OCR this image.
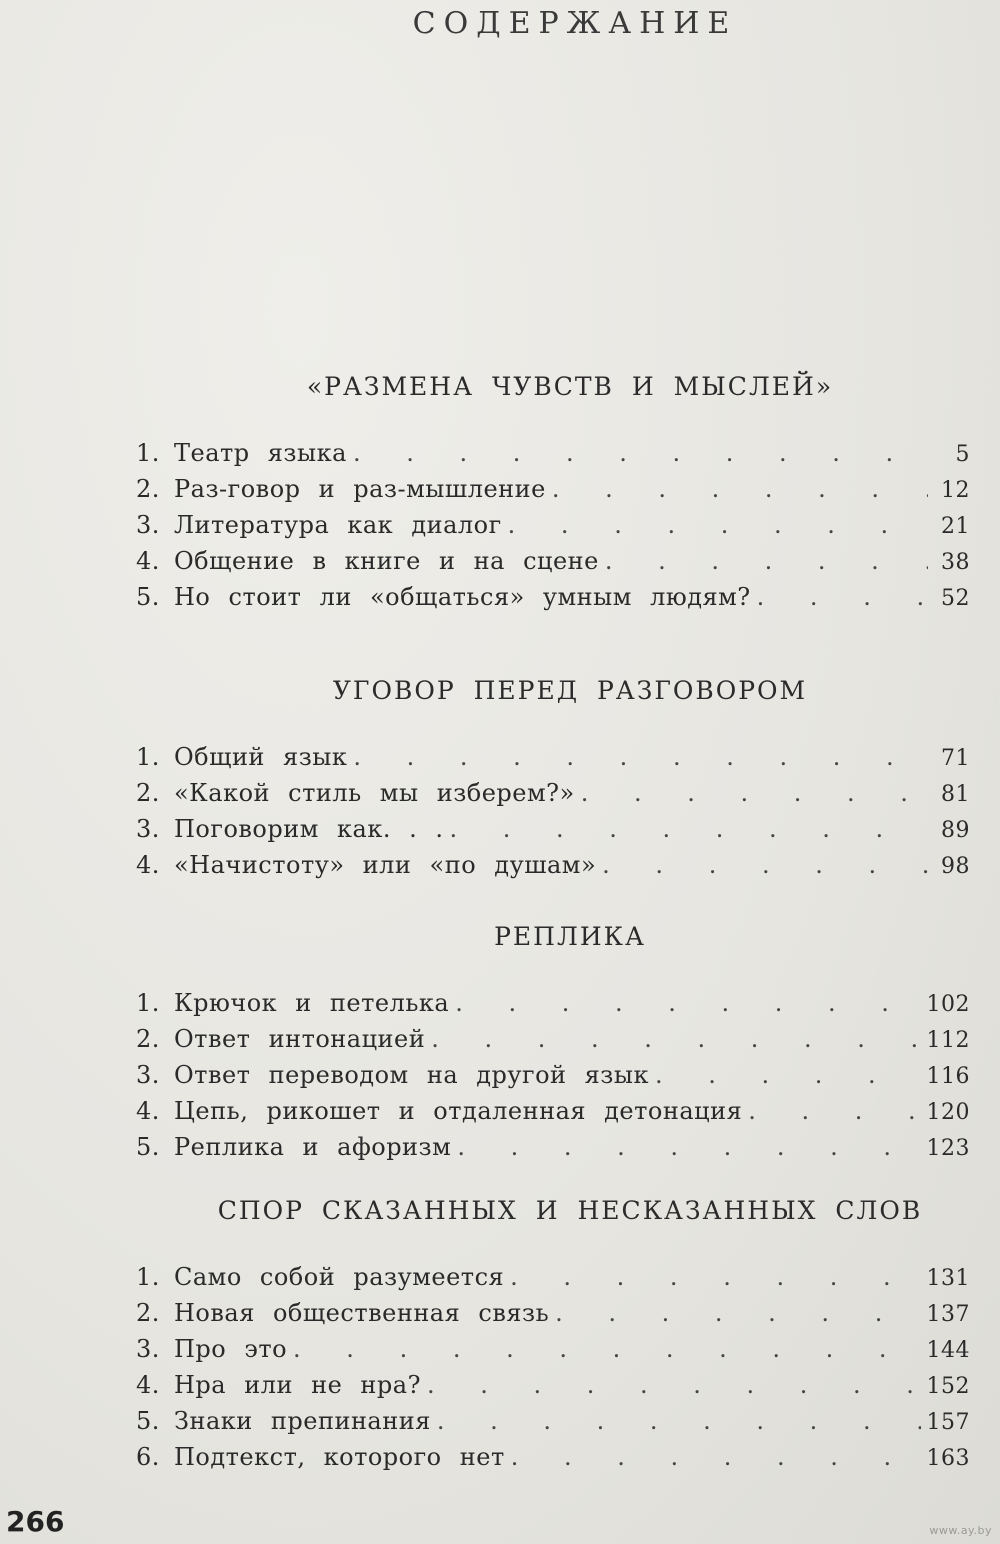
СОДЕРЖАНИЕ
«РАЗМЕНА ЧУВСТВ И МЫСЛЕЙ»
1. Театр языка . . .	5
2. Раз-говор и раз-мышление . . .	12
3. Литература как диалог . . .	21
4. Общение в книге и на сцене . . .	38
5. Но стоит ли «общаться» умным людям? . . .	52
УГОВОР ПЕРЕД РАЗГОВОРОМ
1. Общий язык . . .	71
2. «Какой стиль мы изберем?» . . .	81
3. Поговорим как. . . . . .	89
4. «Начистоту» или «по душам» . . .	98
РЕПЛИКА
1. Крючок и петелька . . .	102
2. Ответ интонацией . . .	112
3. Ответ переводом на другой язык . . .	116
4. Цепь, рикошет и отдаленная детонация . . .	120
5. Реплика и афоризм . . .	123
СПОР СКАЗАННЫХ И НЕСКАЗАННЫХ СЛОВ
1. Само собой разумеется . . .	131
2. Новая общественная связь . . .	137
3. Про это . . .	144
4. Нра или не нра? . . .	152
5. Знаки препинания . . .	157
6. Подтекст, которого нет . . .	163
266	www.ay.by
